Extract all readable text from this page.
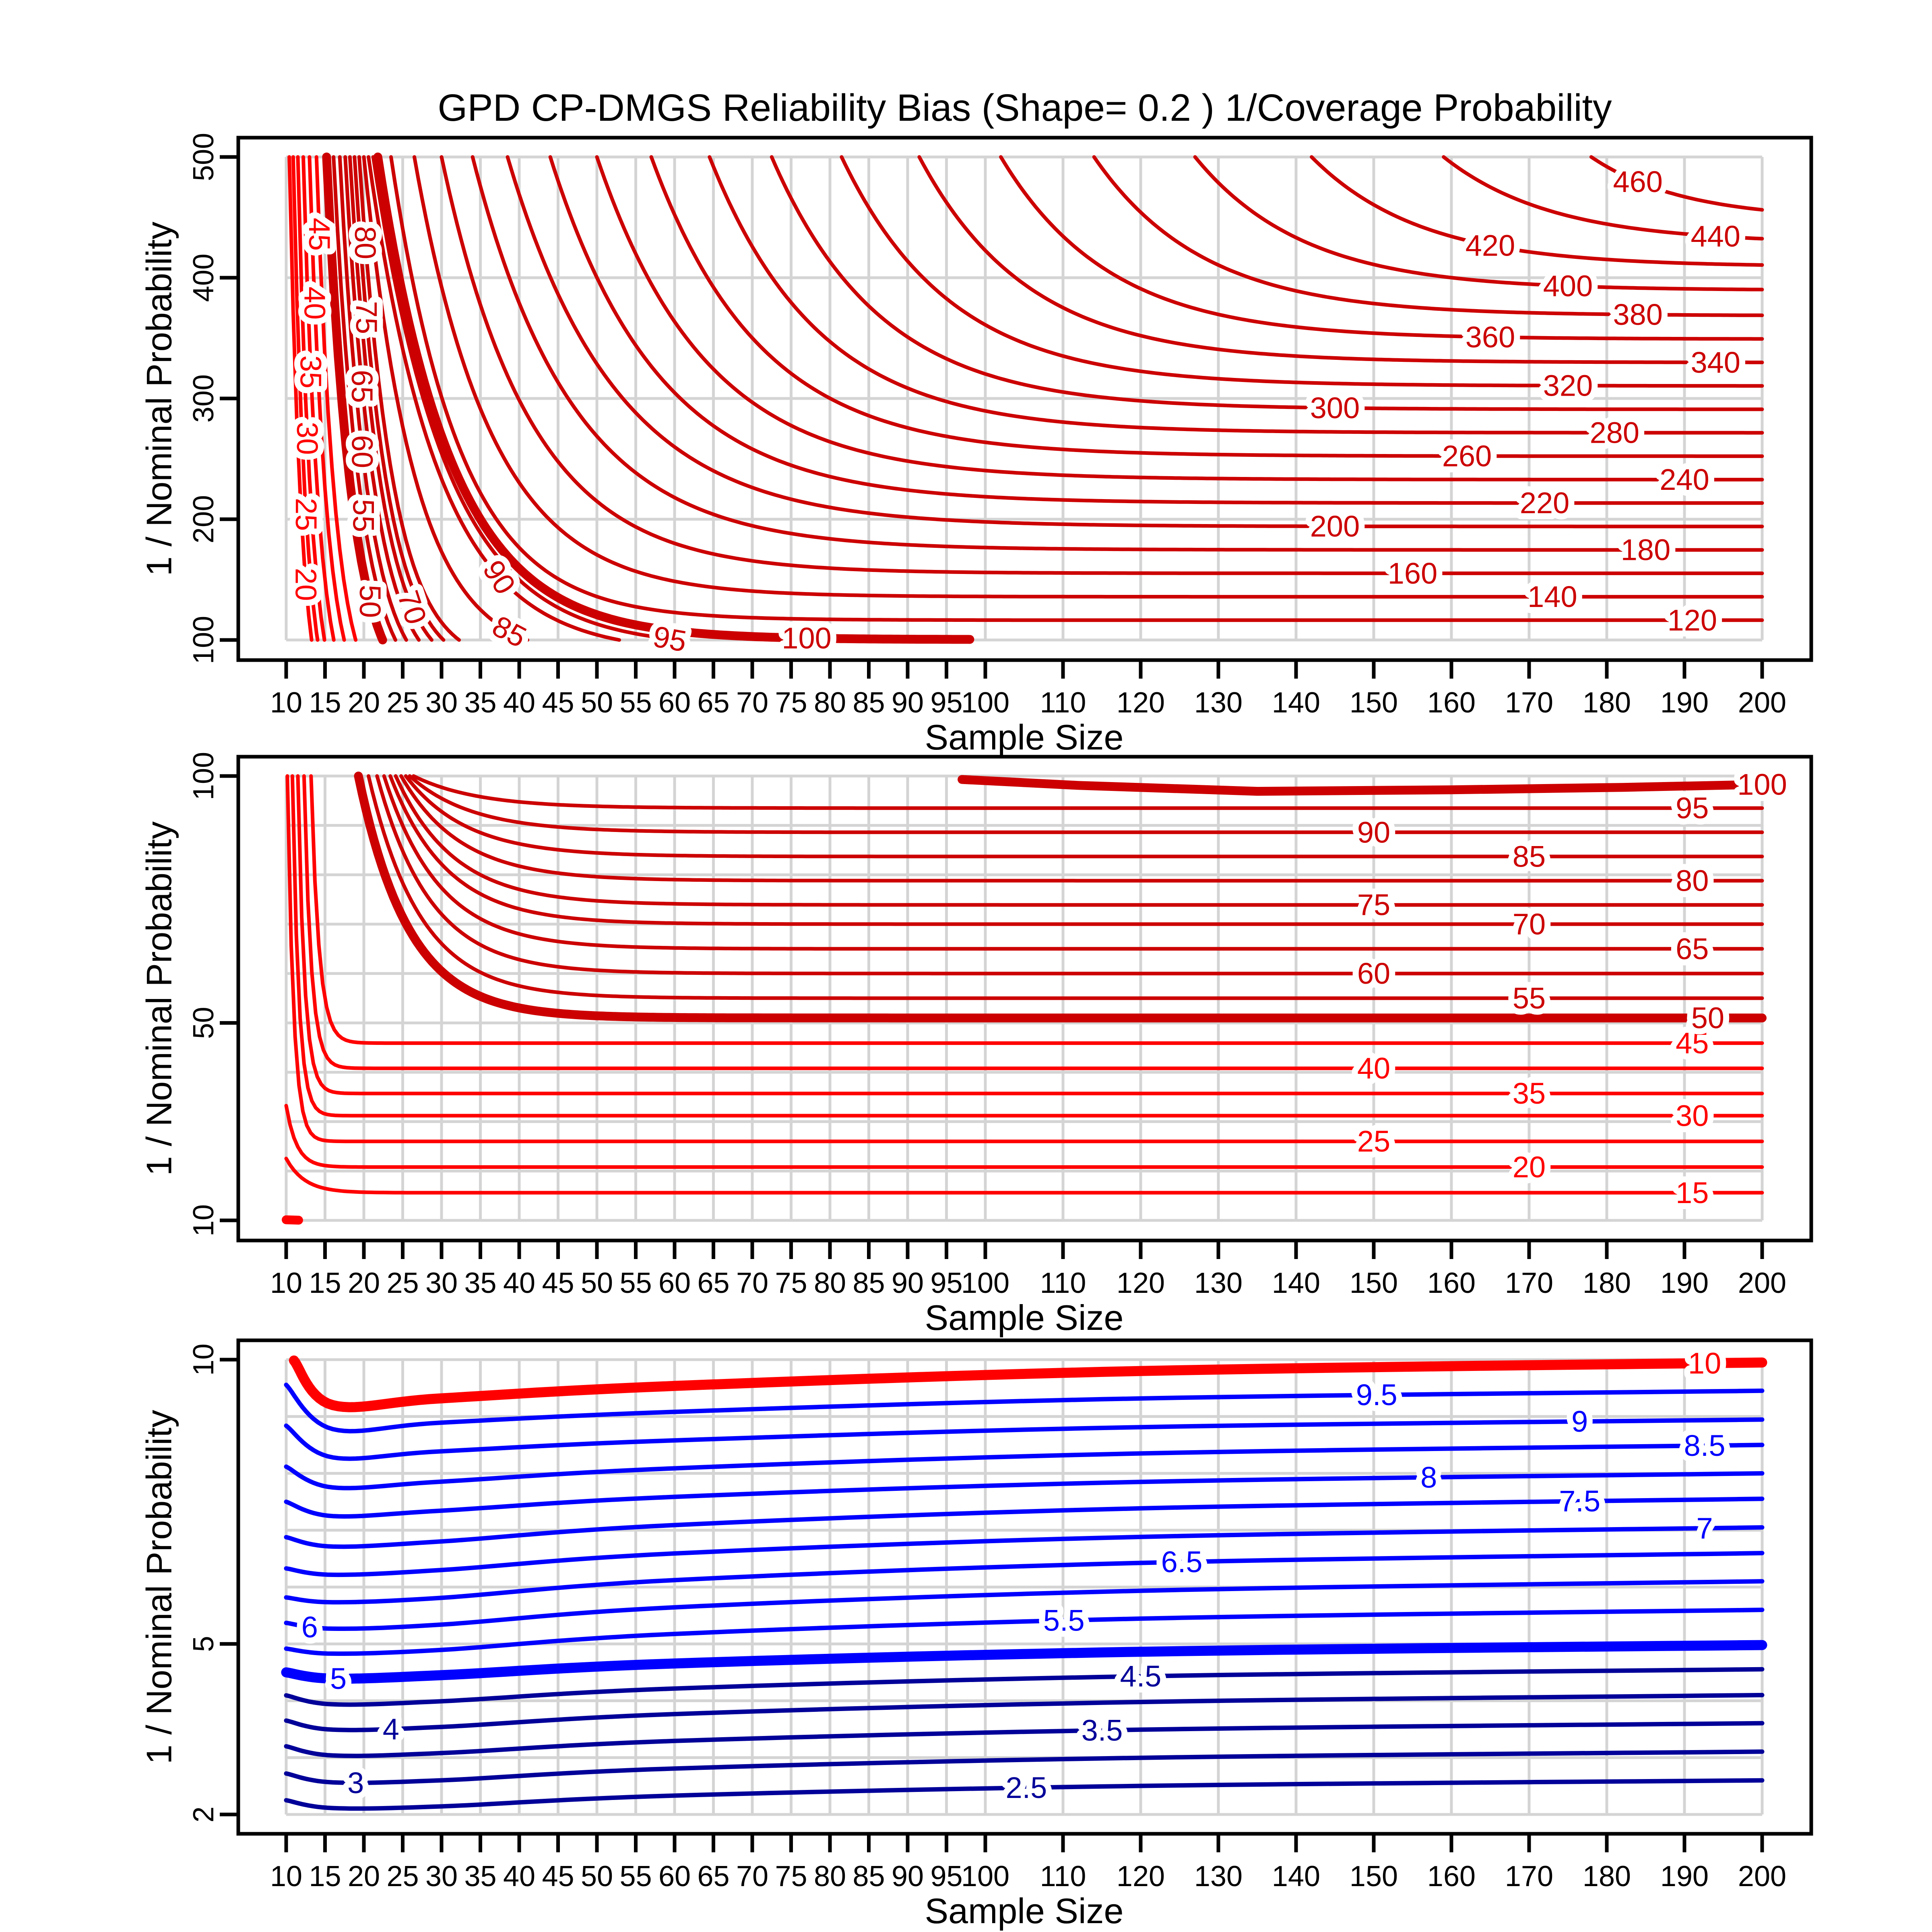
GPD CP-DMGS Reliability Bias (Shape= 0.2 ) 1/Coverage Probability
10 15 20 25 30 35 40 45 50 55 60 65 70 75 80 85 90 95
100 110 120 130 140 150 160 170 180 190 200
100
200
300
400
500
Sample Size
1 / Nominal Probability
20
25
30
35
40
45
50
55
60
65
70
75
80
85
90
95	100
120
140
160
180
200
220
240
260
280
300
320
340
360
380
400
420	440
460
10 15 20 25 30 35 40 45 50 55 60 65 70 75 80 85 90 95
100 110 120 130 140 150 160 170 180 190 200
10
50
100
Sample Size
1 / Nominal Probability
15
20
25
30
35
40
45
50
55
60
65
70
75
80
85
90
95
100
10 15 20 25 30 35 40 45 50 55 60 65 70 75 80 85 90 95
100 110 120 130 140 150 160 170 180 190 200
2
5
10
Sample Size
1 / Nominal Probability
2.5
3
3.5
4
4.5
5
5.5
6
6.5
7
7.5
8
8.5
9
9.5
10
